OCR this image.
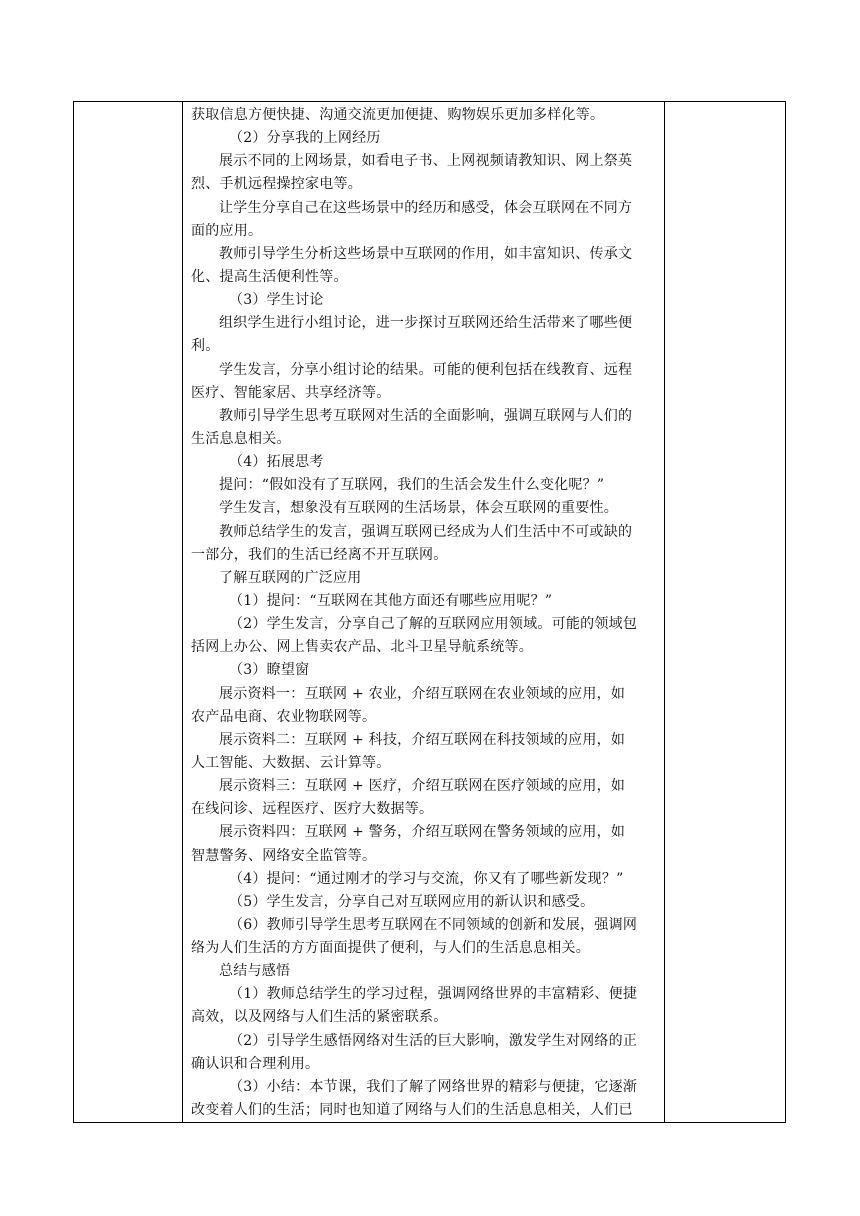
获取信息方便快捷、沟通交流更加便捷、购物娱乐更加多样化等。
（2）分享我的上网经历
展示不同的上网场景，如看电子书、上网视频请教知识、网上祭英
烈、手机远程操控家电等。
让学生分享自己在这些场景中的经历和感受，体会互联网在不同方
面的应用。
教师引导学生分析这些场景中互联网的作用，如丰富知识、传承文
化、提高生活便利性等。
（3）学生讨论
组织学生进行小组讨论，进一步探讨互联网还给生活带来了哪些便
利。
学生发言，分享小组讨论的结果。可能的便利包括在线教育、远程
医疗、智能家居、共享经济等。
教师引导学生思考互联网对生活的全面影响，强调互联网与人们的
生活息息相关。
（4）拓展思考
提问：“假如没有了互联网，我们的生活会发生什么变化呢？”
学生发言，想象没有互联网的生活场景，体会互联网的重要性。
教师总结学生的发言，强调互联网已经成为人们生活中不可或缺的
一部分，我们的生活已经离不开互联网。
了解互联网的广泛应用
（1）提问：“互联网在其他方面还有哪些应用呢？”
（2）学生发言，分享自己了解的互联网应用领域。可能的领域包
括网上办公、网上售卖农产品、北斗卫星导航系统等。
（3）瞭望窗
展示资料一：互联网 + 农业，介绍互联网在农业领域的应用，如
农产品电商、农业物联网等。
展示资料二：互联网 + 科技，介绍互联网在科技领域的应用，如
人工智能、大数据、云计算等。
展示资料三：互联网 + 医疗，介绍互联网在医疗领域的应用，如
在线问诊、远程医疗、医疗大数据等。
展示资料四：互联网 + 警务，介绍互联网在警务领域的应用，如
智慧警务、网络安全监管等。
（4）提问：“通过刚才的学习与交流，你又有了哪些新发现？”
（5）学生发言，分享自己对互联网应用的新认识和感受。
（6）教师引导学生思考互联网在不同领域的创新和发展，强调网
络为人们生活的方方面面提供了便利，与人们的生活息息相关。
总结与感悟
（1）教师总结学生的学习过程，强调网络世界的丰富精彩、便捷
高效，以及网络与人们生活的紧密联系。
（2）引导学生感悟网络对生活的巨大影响，激发学生对网络的正
确认识和合理利用。
（3）小结：本节课，我们了解了网络世界的精彩与便捷，它逐渐
改变着人们的生活；同时也知道了网络与人们的生活息息相关，人们已
